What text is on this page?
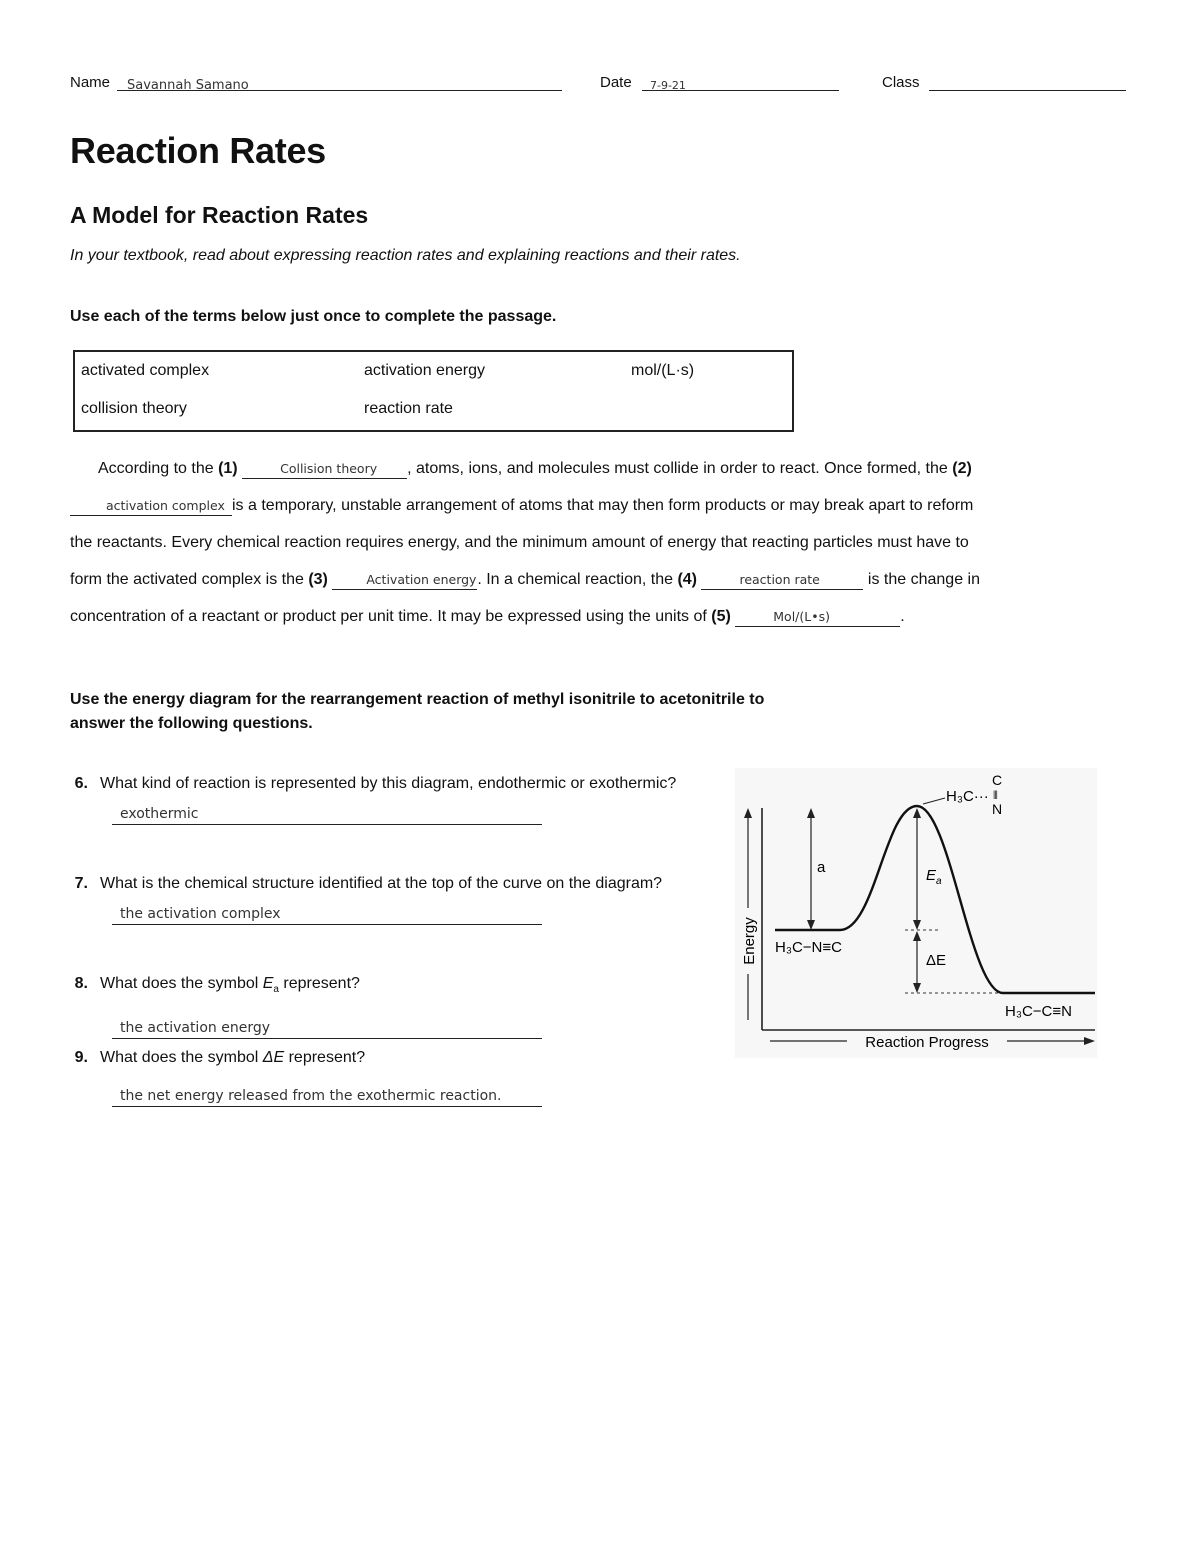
Name	$_{Savannah Samano}$	Date	$_{7-9-21}$	Class
Reaction Rates
A Model for Reaction Rates
In your textbook, read about expressing reaction rates and explaining reactions and their rates.
Use each of the terms below just once to complete the passage.
activated complex	activation energy	mol/(L·s)
collision theory	reaction rate
According to the (1)	Collision theory , atoms, ions, and molecules must collide in order to react. Once formed, the (2) activation complex is a temporary, unstable arrangement of atoms that may then form products or may break apart to reform the reactants. Every chemical reaction requires energy, and the minimum amount of energy that reacting particles must have to form the activated complex is the (3)	Activation energy. In a chemical reaction, the (4)	reaction rate	is the change in concentration of a reactant or product per unit time. It may be expressed using the units of (5)	Mol/(L•s)	.
Use the energy diagram for the rearrangement reaction of methyl isonitrile to acetonitrile to answer the following questions.
6. What kind of reaction is represented by this diagram, endothermic or exothermic?
exothermic
7. What is the chemical structure identified at the top of the curve on the diagram?
the activation complex
8. What does the symbol $E_a$ represent?
the activation energy
9. What does the symbol ΔE represent?
the net energy released from the exothermic reaction.
Energy
Reaction Progress
a	$E_a$
ΔE
H₃C−N≡C
H₃C−C≡N
H₃C···
C
⦀
N
